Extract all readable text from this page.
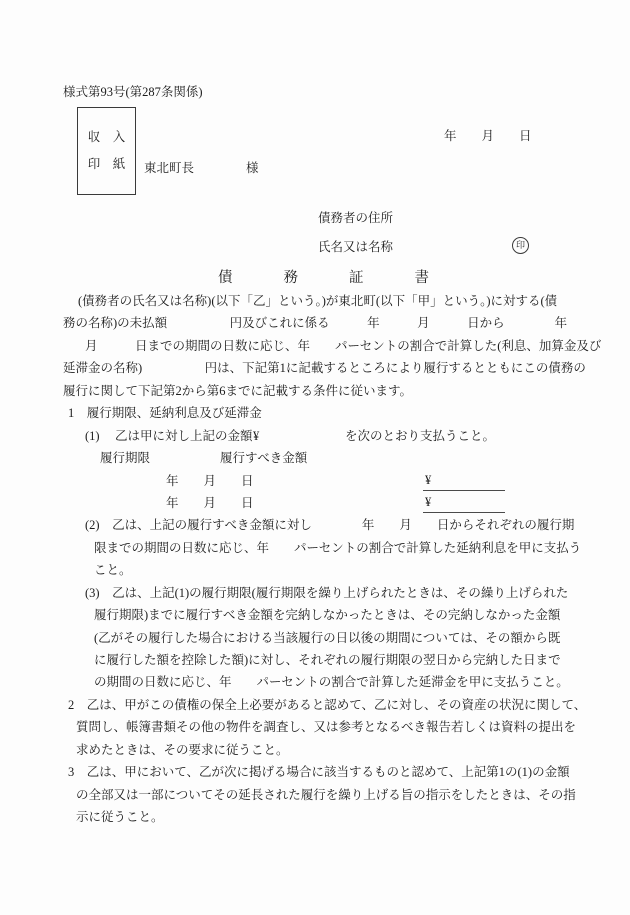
様式第93号(第287条関係)
収　入
印　紙
年　　月　　日
東北町長	様
債務者の住所
氏名又は名称	印
債務証書
(債務者の氏名又は名称)(以下「乙」という。)が東北町(以下「甲」という。)に対する(債
務の名称)の未払額　　　　　円及びこれに係る　　　年　　　月　　　日から　　　　年
月　　　日までの期間の日数に応じ、年　　パーセントの割合で計算した(利息、加算金及び
延滞金の名称)　　　　　円は、下記第1に記載するところにより履行するとともにこの債務の
履行に関して下記第2から第6までに記載する条件に従います。
1　履行期限、延納利息及び延滞金
(1) 乙は甲に対し上記の金額 ¥	を次のとおり支払うこと。
履行期限	履行すべき金額
年　　月　　日	¥
年　　月　　日	¥
(2)　乙は、上記の履行すべき金額に対し　　　　年　　月　　日からそれぞれの履行期
限までの期間の日数に応じ、年　　パーセントの割合で計算した延納利息を甲に支払う
こと。
(3)　乙は、上記(1)の履行期限(履行期限を繰り上げられたときは、その繰り上げられた
履行期限)までに履行すべき金額を完納しなかったときは、その完納しなかった金額
(乙がその履行した場合における当該履行の日以後の期間については、その額から既
に履行した額を控除した額)に対し、それぞれの履行期限の翌日から完納した日まで
の期間の日数に応じ、年　　パーセントの割合で計算した延滞金を甲に支払うこと。
2　乙は、甲がこの債権の保全上必要があると認めて、乙に対し、その資産の状況に関して、
質問し、帳簿書類その他の物件を調査し、又は参考となるべき報告若しくは資料の提出を
求めたときは、その要求に従うこと。
3　乙は、甲において、乙が次に掲げる場合に該当するものと認めて、上記第1の(1)の金額
の全部又は一部についてその延長された履行を繰り上げる旨の指示をしたときは、その指
示に従うこと。
